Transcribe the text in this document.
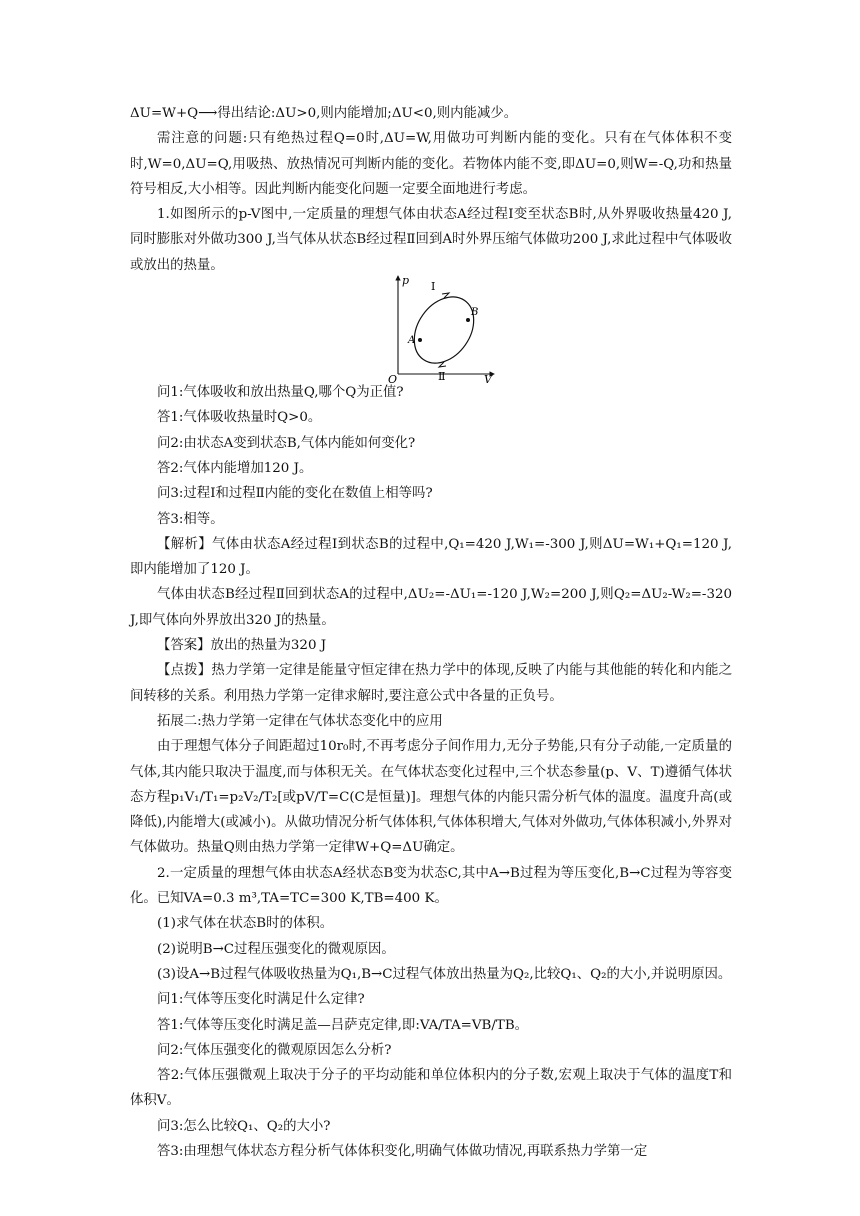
ΔU=W+Q⟶得出结论:ΔU>0,则内能增加;ΔU<0,则内能减少。

需注意的问题:只有绝热过程Q=0时,ΔU=W,用做功可判断内能的变化。只有在气体体积不变时,W=0,ΔU=Q,用吸热、放热情况可判断内能的变化。若物体内能不变,即ΔU=0,则W=-Q,功和热量符号相反,大小相等。因此判断内能变化问题一定要全面地进行考虑。

1.如图所示的p-V图中,一定质量的理想气体由状态A经过程Ⅰ变至状态B时,从外界吸收热量420 J,同时膨胀对外做功300 J,当气体从状态B经过程Ⅱ回到A时外界压缩气体做功200 J,求此过程中气体吸收或放出的热量。

p
V
O
Ⅰ
Ⅱ
A
B

问1:气体吸收和放出热量Q,哪个Q为正值?

答1:气体吸收热量时Q>0。

问2:由状态A变到状态B,气体内能如何变化?

答2:气体内能增加120 J。

问3:过程Ⅰ和过程Ⅱ内能的变化在数值上相等吗?

答3:相等。

【解析】气体由状态A经过程Ⅰ到状态B的过程中,Q₁=420 J,W₁=-300 J,则ΔU=W₁+Q₁=120 J,即内能增加了120 J。

气体由状态B经过程Ⅱ回到状态A的过程中,ΔU₂=-ΔU₁=-120 J,W₂=200 J,则Q₂=ΔU₂-W₂=-320 J,即气体向外界放出320 J的热量。

【答案】放出的热量为320 J

【点拨】热力学第一定律是能量守恒定律在热力学中的体现,反映了内能与其他能的转化和内能之间转移的关系。利用热力学第一定律求解时,要注意公式中各量的正负号。

拓展二:热力学第一定律在气体状态变化中的应用

由于理想气体分子间距超过10r₀时,不再考虑分子间作用力,无分子势能,只有分子动能,一定质量的气体,其内能只取决于温度,而与体积无关。在气体状态变化过程中,三个状态参量(p、V、T)遵循气体状态方程p₁V₁/T₁=p₂V₂/T₂[或pV/T=C(C是恒量)]。理想气体的内能只需分析气体的温度。温度升高(或降低),内能增大(或减小)。从做功情况分析气体体积,气体体积增大,气体对外做功,气体体积减小,外界对气体做功。热量Q则由热力学第一定律W+Q=ΔU确定。

2.一定质量的理想气体由状态A经状态B变为状态C,其中A→B过程为等压变化,B→C过程为等容变化。已知VA=0.3 m³,TA=TC=300 K,TB=400 K。

(1)求气体在状态B时的体积。

(2)说明B→C过程压强变化的微观原因。

(3)设A→B过程气体吸收热量为Q₁,B→C过程气体放出热量为Q₂,比较Q₁、Q₂的大小,并说明原因。

问1:气体等压变化时满足什么定律?

答1:气体等压变化时满足盖—吕萨克定律,即:VA/TA=VB/TB。

问2:气体压强变化的微观原因怎么分析?

答2:气体压强微观上取决于分子的平均动能和单位体积内的分子数,宏观上取决于气体的温度T和体积V。

问3:怎么比较Q₁、Q₂的大小?

答3:由理想气体状态方程分析气体体积变化,明确气体做功情况,再联系热力学第一定
